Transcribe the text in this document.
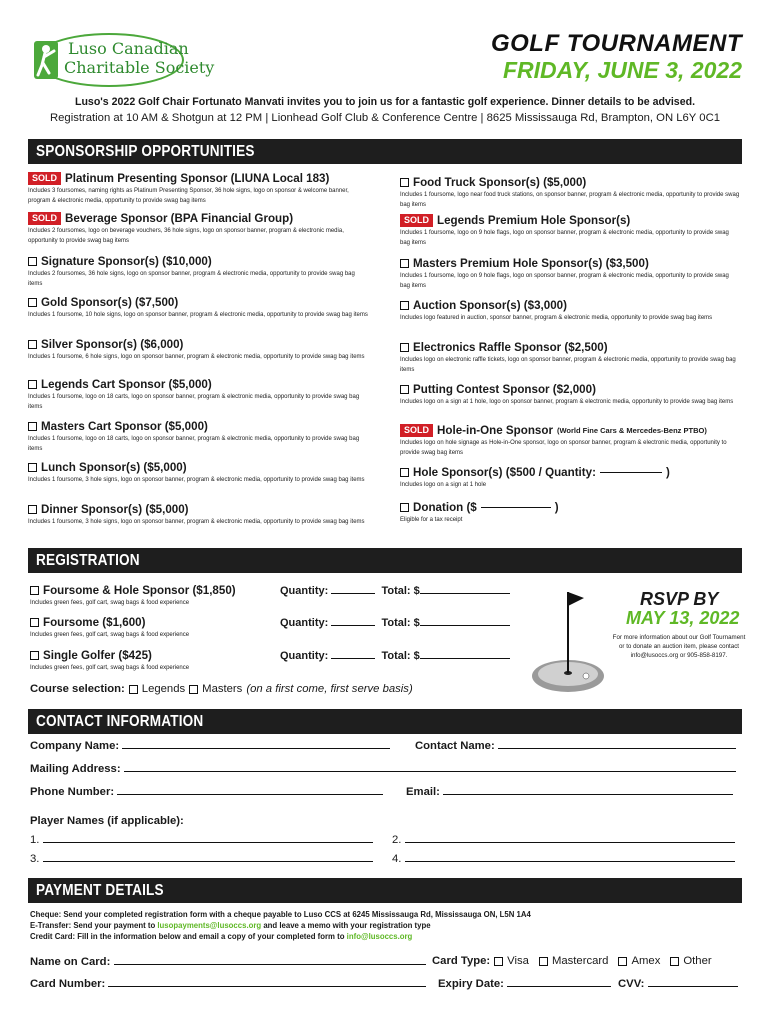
Luso Canadian
Charitable Society
GOLF TOURNAMENT
FRIDAY, JUNE 3, 2022
Luso's 2022 Golf Chair Fortunato Manvati invites you to join us for a fantastic golf experience. Dinner details to be advised.
Registration at 10 AM & Shotgun at 12 PM | Lionhead Golf Club & Conference Centre | 8625 Mississauga Rd, Brampton, ON L6Y 0C1
SPONSORSHIP OPPORTUNITIES
SOLD Platinum Presenting Sponsor (LIUNA Local 183)
Includes 3 foursomes, naming rights as Platinum Presenting Sponsor, 36 hole signs, logo on sponsor & welcome banner, program & electronic media, opportunity to provide swag bag items
SOLD Beverage Sponsor (BPA Financial Group)
Includes 2 foursomes, logo on beverage vouchers, 36 hole signs, logo on sponsor banner, program & electronic media, opportunity to provide swag bag items
Signature Sponsor(s) ($10,000)
Includes 2 foursomes, 36 hole signs, logo on sponsor banner, program & electronic media, opportunity to provide swag bag items
Gold Sponsor(s) ($7,500)
Includes 1 foursome, 10 hole signs, logo on sponsor banner, program & electronic media, opportunity to provide swag bag items
Silver Sponsor(s) ($6,000)
Includes 1 foursome, 6 hole signs, logo on sponsor banner, program & electronic media, opportunity to provide swag bag items
Legends Cart Sponsor ($5,000)
Includes 1 foursome, logo on 18 carts, logo on sponsor banner, program & electronic media, opportunity to provide swag bag items
Masters Cart Sponsor ($5,000)
Includes 1 foursome, logo on 18 carts, logo on sponsor banner, program & electronic media, opportunity to provide swag bag items
Lunch Sponsor(s) ($5,000)
Includes 1 foursome, 3 hole signs, logo on sponsor banner, program & electronic media, opportunity to provide swag bag items
Dinner Sponsor(s) ($5,000)
Includes 1 foursome, 3 hole signs, logo on sponsor banner, program & electronic media, opportunity to provide swag bag items
Food Truck Sponsor(s) ($5,000)
Includes 1 foursome, logo near food truck stations, on sponsor banner, program & electronic media, opportunity to provide swag bag items
SOLD Legends Premium Hole Sponsor(s)
Includes 1 foursome, logo on 9 hole flags, logo on sponsor banner, program & electronic media, opportunity to provide swag bag items
Masters Premium Hole Sponsor(s) ($3,500)
Includes 1 foursome, logo on 9 hole flags, logo on sponsor banner, program & electronic media, opportunity to provide swag bag items
Auction Sponsor(s) ($3,000)
Includes logo featured in auction, sponsor banner, program & electronic media, opportunity to provide swag bag items
Electronics Raffle Sponsor ($2,500)
Includes logo on electronic raffle tickets, logo on sponsor banner, program & electronic media, opportunity to provide swag bag items
Putting Contest Sponsor ($2,000)
Includes logo on a sign at 1 hole, logo on sponsor banner, program & electronic media, opportunity to provide swag bag items
SOLD Hole-in-One Sponsor (World Fine Cars & Mercedes-Benz PTBO)
Includes logo on hole signage as Hole-in-One sponsor, logo on sponsor banner, program & electronic media, opportunity to provide swag bag items
Hole Sponsor(s) ($500 / Quantity:	)
Includes logo on a sign at 1 hole
Donation ($	)
Eligible for a tax receipt
REGISTRATION
Foursome & Hole Sponsor ($1,850)
Includes green fees, golf cart, swag bags & food experience
Quantity:	Total: $
Foursome ($1,600)
Includes green fees, golf cart, swag bags & food experience
Quantity:	Total: $
Single Golfer ($425)
Includes green fees, golf cart, swag bags & food experience
Quantity:	Total: $
RSVP BY
MAY 13, 2022
For more information about our Golf Tournament or to donate an auction item, please contact info@lusoccs.org or 905-858-8197.
Course selection: Legends Masters (on a first come, first serve basis)
CONTACT INFORMATION
Company Name:	Contact Name:
Mailing Address:
Phone Number:	Email:
Player Names (if applicable):
1.	2.
3.	4.
PAYMENT DETAILS
Cheque: Send your completed registration form with a cheque payable to Luso CCS at 6245 Mississauga Rd, Mississauga ON, L5N 1A4
E-Transfer: Send your payment to lusopayments@lusoccs.org and leave a memo with your registration type
Credit Card: Fill in the information below and email a copy of your completed form to info@lusoccs.org
Name on Card:	Card Type: Visa Mastercard Amex Other
Card Number:	Expiry Date:	CVV:
